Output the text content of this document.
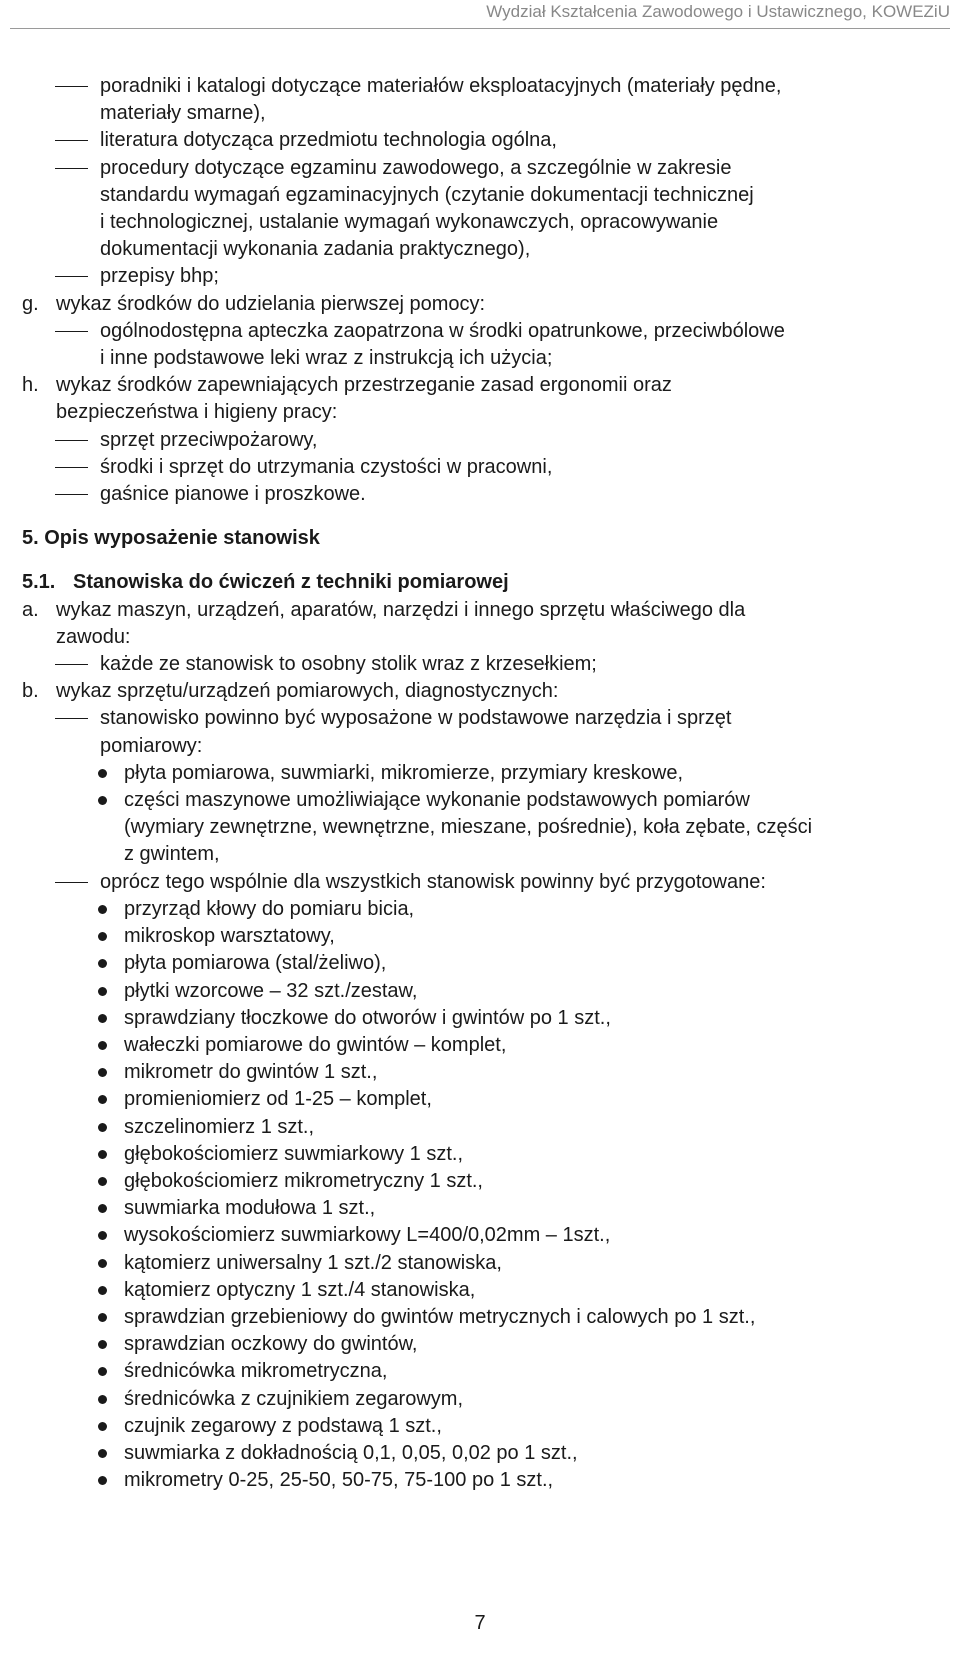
Wydział Kształcenia Zawodowego i Ustawicznego, KOWEZiU
poradniki i katalogi dotyczące materiałów eksploatacyjnych (materiały pędne,
materiały smarne),
literatura dotycząca przedmiotu technologia ogólna,
procedury dotyczące egzaminu zawodowego, a szczególnie w zakresie
standardu wymagań egzaminacyjnych (czytanie dokumentacji technicznej
i technologicznej, ustalanie wymagań wykonawczych, opracowywanie
dokumentacji wykonania zadania praktycznego),
przepisy bhp;
g. wykaz środków do udzielania pierwszej pomocy:
ogólnodostępna apteczka zaopatrzona w środki opatrunkowe, przeciwbólowe
i inne podstawowe leki wraz z instrukcją ich użycia;
h. wykaz środków zapewniających przestrzeganie zasad ergonomii oraz
bezpieczeństwa i higieny pracy:
sprzęt przeciwpożarowy,
środki i sprzęt do utrzymania czystości w pracowni,
gaśnice pianowe i proszkowe.
5. Opis wyposażenie stanowisk
5.1. Stanowiska do ćwiczeń z techniki pomiarowej
a. wykaz maszyn, urządzeń, aparatów, narzędzi i innego sprzętu właściwego dla
zawodu:
każde ze stanowisk to osobny stolik wraz z krzesełkiem;
b. wykaz sprzętu/urządzeń pomiarowych, diagnostycznych:
stanowisko powinno być wyposażone w podstawowe narzędzia i sprzęt
pomiarowy:
płyta pomiarowa, suwmiarki, mikromierze, przymiary kreskowe,
części maszynowe umożliwiające wykonanie podstawowych pomiarów
(wymiary zewnętrzne, wewnętrzne, mieszane, pośrednie), koła zębate, części
z gwintem,
oprócz tego wspólnie dla wszystkich stanowisk powinny być przygotowane:
przyrząd kłowy do pomiaru bicia,
mikroskop warsztatowy,
płyta pomiarowa (stal/żeliwo),
płytki wzorcowe – 32 szt./zestaw,
sprawdziany tłoczkowe do otworów i gwintów po 1 szt.,
wałeczki pomiarowe do gwintów – komplet,
mikrometr do gwintów 1 szt.,
promieniomierz od 1-25 – komplet,
szczelinomierz 1 szt.,
głębokościomierz suwmiarkowy 1 szt.,
głębokościomierz mikrometryczny 1 szt.,
suwmiarka modułowa 1 szt.,
wysokościomierz suwmiarkowy L=400/0,02mm – 1szt.,
kątomierz uniwersalny 1 szt./2 stanowiska,
kątomierz optyczny 1 szt./4 stanowiska,
sprawdzian grzebieniowy do gwintów metrycznych i calowych po 1 szt.,
sprawdzian oczkowy do gwintów,
średnicówka mikrometryczna,
średnicówka z czujnikiem zegarowym,
czujnik zegarowy z podstawą 1 szt.,
suwmiarka z dokładnością 0,1, 0,05, 0,02 po 1 szt.,
mikrometry 0-25, 25-50, 50-75, 75-100 po 1 szt.,
7
